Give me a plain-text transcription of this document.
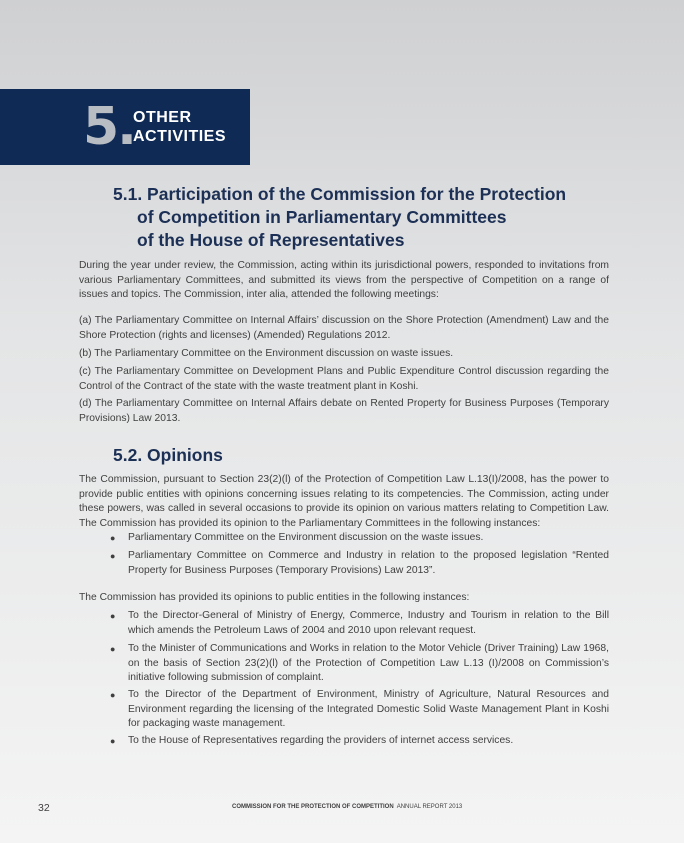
5.
OTHER
ACTIVITIES
5.1. Participation of the Commission for the Protection
of Competition in Parliamentary Committees
of the House of Representatives
During the year under review, the Commission, acting within its jurisdictional powers, responded to invitations from various Parliamentary Committees, and submitted its views from the perspective of Competition on a range of issues and topics. The Commission, inter alia, attended the following meetings:
(a) The Parliamentary Committee on Internal Affairs’ discussion on the Shore Protection (Amendment) Law and the Shore Protection (rights and licenses) (Amended) Regulations 2012.
(b) The Parliamentary Committee on the Environment discussion on waste issues.
(c) The Parliamentary Committee on Development Plans and Public Expenditure Control discussion regarding the Control of the Contract of the state with the waste treatment plant in Koshi.
(d) The Parliamentary Committee on Internal Affairs debate on Rented Property for Business Purposes (Temporary Provisions) Law 2013.
5.2. Opinions
The Commission, pursuant to Section 23(2)(l) of the Protection of Competition Law L.13(I)/2008, has the power to provide public entities with opinions concerning issues relating to its competencies. The Commission, acting under these powers, was called in several occasions to provide its opinion on various matters relating to Competition Law. The Commission has provided its opinion to the Parliamentary Committees in the following instances:
● Parliamentary Committee on the Environment discussion on the waste issues.
● Parliamentary Committee on Commerce and Industry in relation to the proposed legislation “Rented Property for Business Purposes (Temporary Provisions) Law 2013”.
The Commission has provided its opinions to public entities in the following instances:
● To the Director-General of Ministry of Energy, Commerce, Industry and Tourism in relation to the Bill which amends the Petroleum Laws of 2004 and 2010 upon relevant request.
● To the Minister of Communications and Works in relation to the Motor Vehicle (Driver Training) Law 1968, on the basis of Section 23(2)(l) of the Protection of Competition Law L.13 (I)/2008 on Commission’s initiative following submission of complaint.
● To the Director of the Department of Environment, Ministry of Agriculture, Natural Resources and Environment regarding the licensing of the Integrated Domestic Solid Waste Management Plant in Koshi for packaging waste management.
● To the House of Representatives regarding the providers of internet access services.
32	COMMISSION FOR THE PROTECTION OF COMPETITION ANNUAL REPORT 2013
